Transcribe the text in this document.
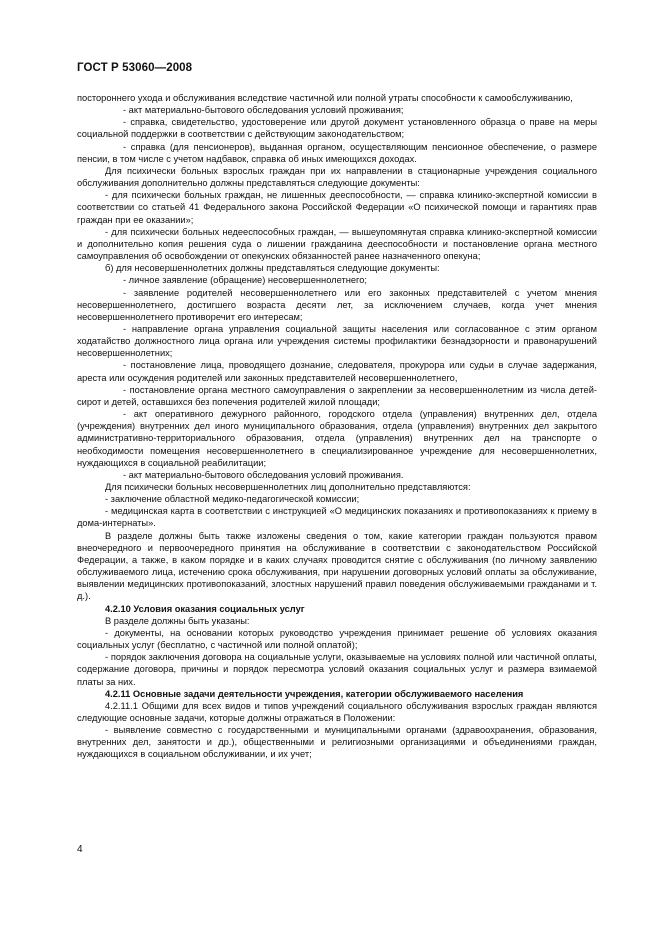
ГОСТ Р 53060—2008

постороннего ухода и обслуживания вследствие частичной или полной утраты способности к самообслуживанию,

- акт материально-бытового обследования условий проживания;

- справка, свидетельство, удостоверение или другой документ установленного образца о праве на меры социальной поддержки в соответствии с действующим законодательством;

- справка (для пенсионеров), выданная органом, осуществляющим пенсионное обеспечение, о размере пенсии, в том числе с учетом надбавок, справка об иных имеющихся доходах.

Для психически больных взрослых граждан при их направлении в стационарные учреждения социального обслуживания дополнительно должны представляться следующие документы:

- для психически больных граждан, не лишенных дееспособности, — справка клинико-экспертной комиссии в соответствии со статьей 41 Федерального закона Российской Федерации «О психической помощи и гарантиях прав граждан при ее оказании»;

- для психически больных недееспособных граждан, — вышеупомянутая справка клинико-экспертной комиссии и дополнительно копия решения суда о лишении гражданина дееспособности и постановление органа местного самоуправления об освобождении от опекунских обязанностей ранее назначенного опекуна;

б) для несовершеннолетних должны представляться следующие документы:

- личное заявление (обращение) несовершеннолетнего;

- заявление родителей несовершеннолетнего или его законных представителей с учетом мнения несовершеннолетнего, достигшего возраста десяти лет, за исключением случаев, когда учет мнения несовершеннолетнего противоречит его интересам;

- направление органа управления социальной защиты населения или согласованное с этим органом ходатайство должностного лица органа или учреждения системы профилактики безнадзорности и правонарушений несовершеннолетних;

- постановление лица, проводящего дознание, следователя, прокурора или судьи в случае задержания, ареста или осуждения родителей или законных представителей несовершеннолетнего,

- постановление органа местного самоуправления о закреплении за несовершеннолетним из числа детей-сирот и детей, оставшихся без попечения родителей жилой площади;

- акт оперативного дежурного районного, городского отдела (управления) внутренних дел, отдела (учреждения) внутренних дел иного муниципального образования, отдела (управления) внутренних дел закрытого административно-территориального образования, отдела (управления) внутренних дел на транспорте о необходимости помещения несовершеннолетнего в специализированное учреждение для несовершеннолетних, нуждающихся в социальной реабилитации;

- акт материально-бытового обследования условий проживания.

Для психически больных несовершеннолетних лиц дополнительно представляются:

- заключение областной медико-педагогической комиссии;

- медицинская карта в соответствии с инструкцией «О медицинских показаниях и противопоказаниях к приему в дома-интернаты».

В разделе должны быть также изложены сведения о том, какие категории граждан пользуются правом внеочередного и первоочередного принятия на обслуживание в соответствии с законодательством Российской Федерации, а также, в каком порядке и в каких случаях проводится снятие с обслуживания (по личному заявлению обслуживаемого лица, истечению срока обслуживания, при нарушении договорных условий оплаты за обслуживание, выявлении медицинских противопоказаний, злостных нарушений правил поведения обслуживаемыми гражданами и т. д.).

4.2.10 Условия оказания социальных услуг

В разделе должны быть указаны:

- документы, на основании которых руководство учреждения принимает решение об условиях оказания социальных услуг (бесплатно, с частичной или полной оплатой);

- порядок заключения договора на социальные услуги, оказываемые на условиях полной или частичной оплаты, содержание договора, причины и порядок пересмотра условий оказания социальных услуг и размера взимаемой платы за них.

4.2.11 Основные задачи деятельности учреждения, категории обслуживаемого населения

4.2.11.1 Общими для всех видов и типов учреждений социального обслуживания взрослых граждан являются следующие основные задачи, которые должны отражаться в Положении:

- выявление совместно с государственными и муниципальными органами (здравоохранения, образования, внутренних дел, занятости и др.), общественными и религиозными организациями и объединениями граждан, нуждающихся в социальном обслуживании, и их учет;

4
